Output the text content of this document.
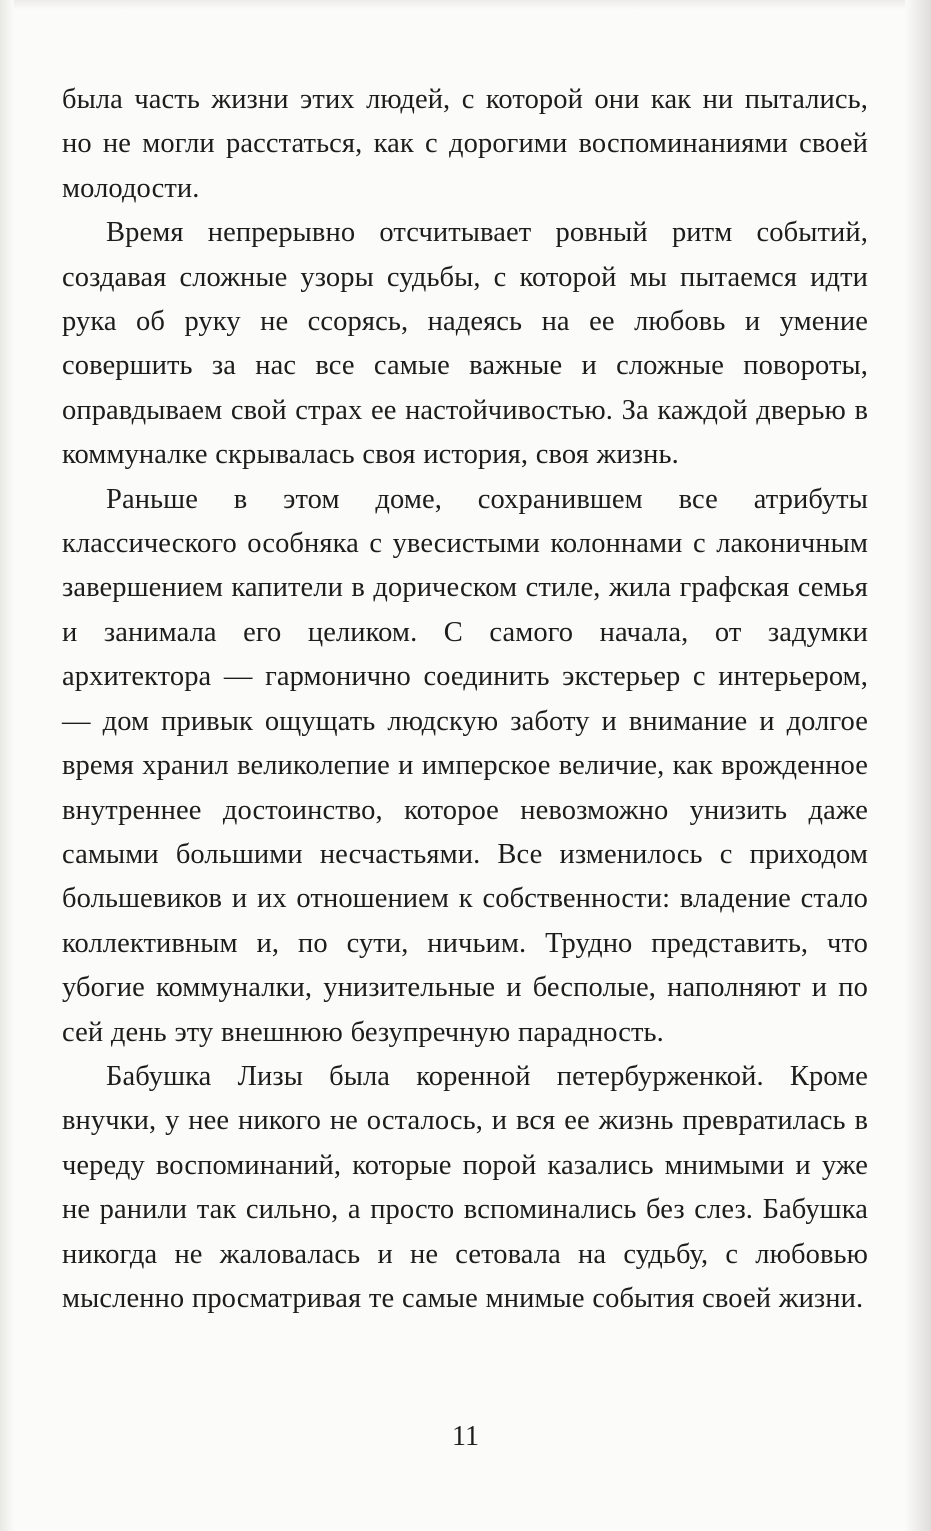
была часть жизни этих людей, с которой они как ни пытались, но не могли расстаться, как с дорогими воспоминаниями своей молодости.

Время непрерывно отсчитывает ровный ритм событий, создавая сложные узоры судьбы, с которой мы пытаемся идти рука об руку не ссорясь, надеясь на ее любовь и умение совершить за нас все самые важные и сложные повороты, оправдываем свой страх ее настойчивостью. За каждой дверью в коммуналке скрывалась своя история, своя жизнь.

Раньше в этом доме, сохранившем все атрибуты классического особняка с увесистыми колоннами с лаконичным завершением капители в дорическом стиле, жила графская семья и занимала его целиком. С самого начала, от задумки архитектора — гармонично соединить экстерьер с интерьером, — дом привык ощущать людскую заботу и внимание и долгое время хранил великолепие и имперское величие, как врожденное внутреннее достоинство, которое невозможно унизить даже самыми большими несчастьями. Все изменилось с приходом большевиков и их отношением к собственности: владение стало коллективным и, по сути, ничьим. Трудно представить, что убогие коммуналки, унизительные и бесполые, наполняют и по сей день эту внешнюю безупречную парадность.

Бабушка Лизы была коренной петербурженкой. Кроме внучки, у нее никого не осталось, и вся ее жизнь превратилась в череду воспоминаний, которые порой казались мнимыми и уже не ранили так сильно, а просто вспоминались без слез. Бабушка никогда не жаловалась и не сетовала на судьбу, с любовью мысленно просматривая те самые мнимые события своей жизни.

11
